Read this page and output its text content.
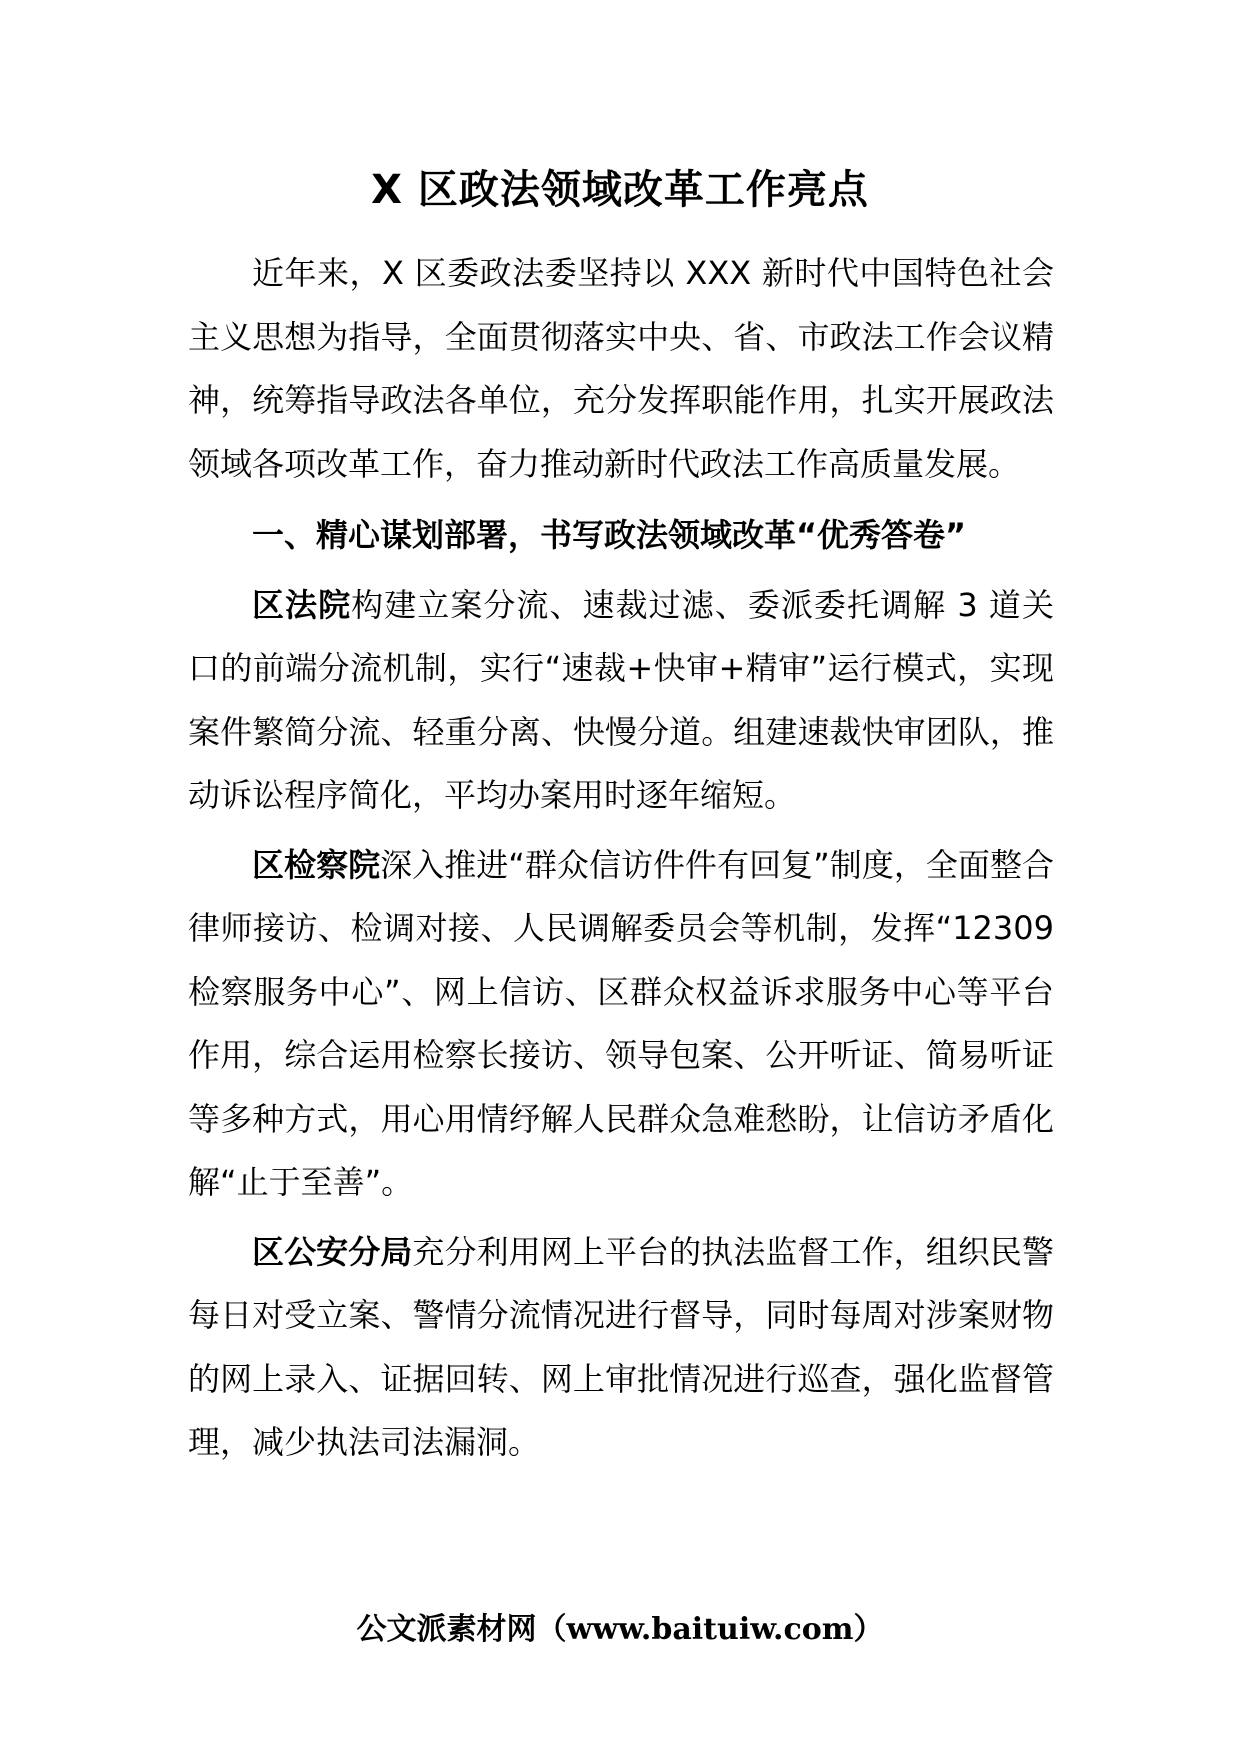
X 区政法领域改革工作亮点

近年来，X 区委政法委坚持以 XXX 新时代中国特色社会主义思想为指导，全面贯彻落实中央、省、市政法工作会议精神，统筹指导政法各单位，充分发挥职能作用，扎实开展政法领域各项改革工作，奋力推动新时代政法工作高质量发展。

一、精心谋划部署，书写政法领域改革“优秀答卷”

区法院构建立案分流、速裁过滤、委派委托调解 3 道关口的前端分流机制，实行“速裁+快审+精审”运行模式，实现案件繁简分流、轻重分离、快慢分道。组建速裁快审团队，推动诉讼程序简化，平均办案用时逐年缩短。

区检察院深入推进“群众信访件件有回复”制度，全面整合律师接访、检调对接、人民调解委员会等机制，发挥“12309 检察服务中心”、网上信访、区群众权益诉求服务中心等平台作用，综合运用检察长接访、领导包案、公开听证、简易听证等多种方式，用心用情纾解人民群众急难愁盼，让信访矛盾化解“止于至善”。

区公安分局充分利用网上平台的执法监督工作，组织民警每日对受立案、警情分流情况进行督导，同时每周对涉案财物的网上录入、证据回转、网上审批情况进行巡查，强化监督管理，减少执法司法漏洞。

公文派素材网（www.baituiw.com）
